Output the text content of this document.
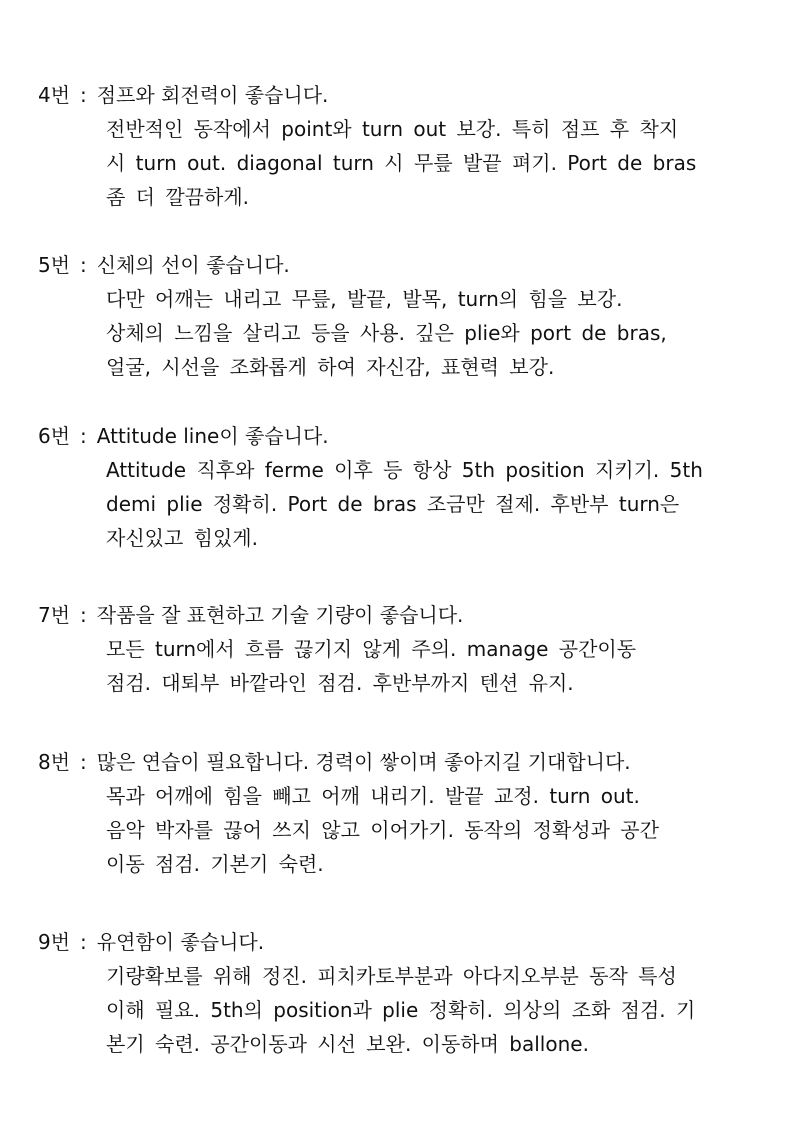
4번 : 점프와 회전력이 좋습니다.

전반적인 동작에서 point와 turn out 보강. 특히 점프 후 착지

시 turn out. diagonal turn 시 무릎 발끝 펴기. Port de bras

좀 더 깔끔하게.

5번 : 신체의 선이 좋습니다.

다만 어깨는 내리고 무릎, 발끝, 발목, turn의 힘을 보강.

상체의 느낌을 살리고 등을 사용. 깊은 plie와 port de bras,

얼굴, 시선을 조화롭게 하여 자신감, 표현력 보강.

6번 : Attitude line이 좋습니다.

Attitude 직후와 ferme 이후 등 항상 5th position 지키기. 5th

demi plie 정확히. Port de bras 조금만 절제. 후반부 turn은

자신있고 힘있게.

7번 : 작품을 잘 표현하고 기술 기량이 좋습니다.

모든 turn에서 흐름 끊기지 않게 주의. manage 공간이동

점검. 대퇴부 바깥라인 점검. 후반부까지 텐션 유지.

8번 : 많은 연습이 필요합니다. 경력이 쌓이며 좋아지길 기대합니다.

목과 어깨에 힘을 빼고 어깨 내리기. 발끝 교정. turn out.

음악 박자를 끊어 쓰지 않고 이어가기. 동작의 정확성과 공간

이동 점검. 기본기 숙련.

9번 : 유연함이 좋습니다.

기량확보를 위해 정진. 피치카토부분과 아다지오부분 동작 특성

이해 필요. 5th의 position과 plie 정확히. 의상의 조화 점검. 기

본기 숙련. 공간이동과 시선 보완. 이동하며 ballone.
